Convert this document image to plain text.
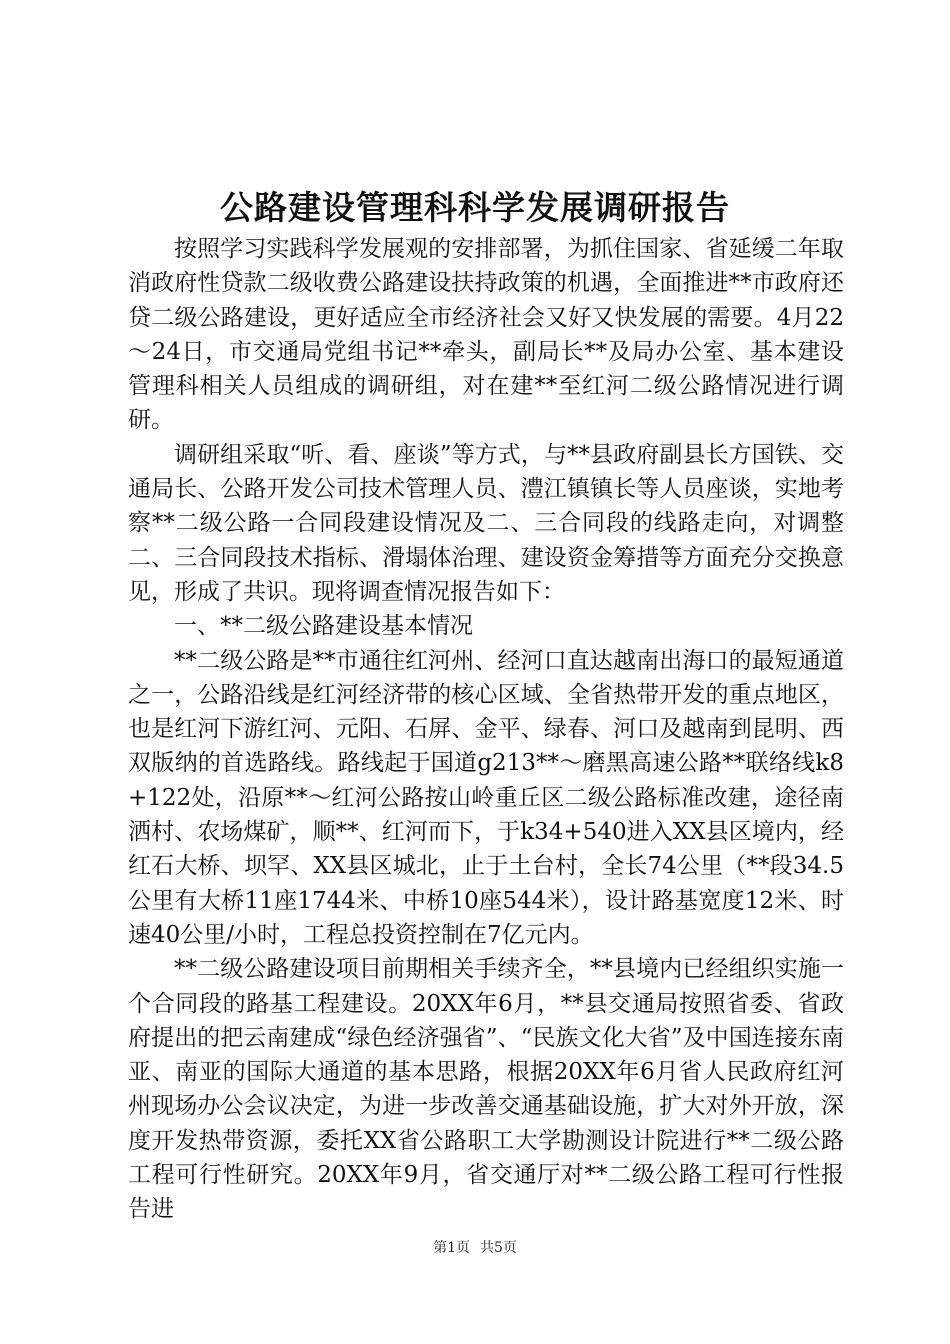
公路建设管理科科学发展调研报告

按照学习实践科学发展观的安排部署，为抓住国家、省延缓二年取消政府性贷款二级收费公路建设扶持政策的机遇，全面推进**市政府还贷二级公路建设，更好适应全市经济社会又好又快发展的需要。4月22～24日，市交通局党组书记**牵头，副局长**及局办公室、基本建设管理科相关人员组成的调研组，对在建**至红河二级公路情况进行调研。

调研组采取“听、看、座谈”等方式，与**县政府副县长方国铁、交通局长、公路开发公司技术管理人员、澧江镇镇长等人员座谈，实地考察**二级公路一合同段建设情况及二、三合同段的线路走向，对调整二、三合同段技术指标、滑塌体治理、建设资金筹措等方面充分交换意见，形成了共识。现将调查情况报告如下：

一、**二级公路建设基本情况

**二级公路是**市通往红河州、经河口直达越南出海口的最短通道之一，公路沿线是红河经济带的核心区域、全省热带开发的重点地区，也是红河下游红河、元阳、石屏、金平、绿春、河口及越南到昆明、西双版纳的首选路线。路线起于国道g213**～磨黑高速公路**联络线k8+122处，沿原**～红河公路按山岭重丘区二级公路标准改建，途径南洒村、农场煤矿，顺**、红河而下，于k34+540进入XX县区境内，经红石大桥、坝罕、XX县区城北，止于土台村，全长74公里（**段34.5公里有大桥11座1744米、中桥10座544米），设计路基宽度12米、时速40公里/小时，工程总投资控制在7亿元内。

**二级公路建设项目前期相关手续齐全，**县境内已经组织实施一个合同段的路基工程建设。20XX年6月，**县交通局按照省委、省政府提出的把云南建成“绿色经济强省”、“民族文化大省”及中国连接东南亚、南亚的国际大通道的基本思路，根据20XX年6月省人民政府红河州现场办公会议决定，为进一步改善交通基础设施，扩大对外开放，深度开发热带资源，委托XX省公路职工大学勘测设计院进行**二级公路工程可行性研究。20XX年9月，省交通厅对**二级公路工程可行性报告进

第1页 共5页
